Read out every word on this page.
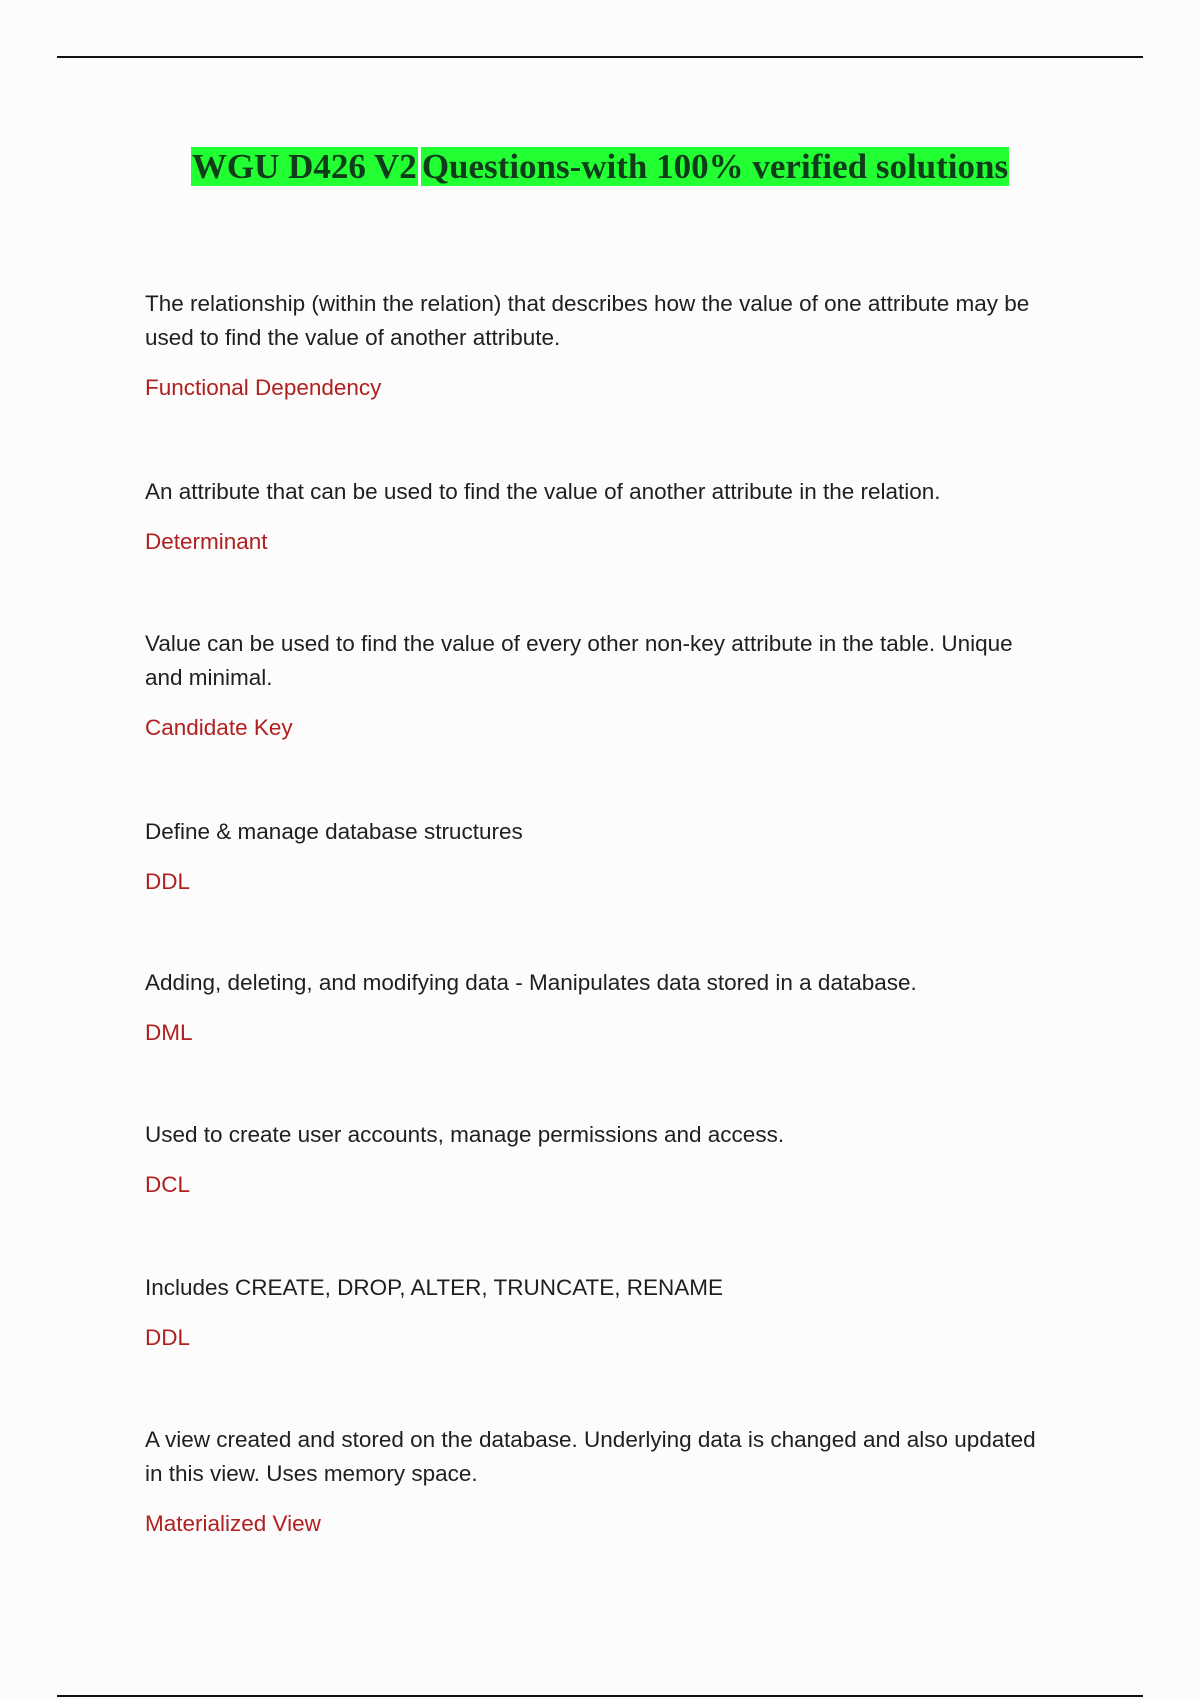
WGU D426 V2 Questions-with 100% verified solutions

The relationship (within the relation) that describes how the value of one attribute may be used to find the value of another attribute.

Functional Dependency

An attribute that can be used to find the value of another attribute in the relation.

Determinant

Value can be used to find the value of every other non-key attribute in the table. Unique and minimal.

Candidate Key

Define & manage database structures

DDL

Adding, deleting, and modifying data - Manipulates data stored in a database.

DML

Used to create user accounts, manage permissions and access.

DCL

Includes CREATE, DROP, ALTER, TRUNCATE, RENAME

DDL

A view created and stored on the database. Underlying data is changed and also updated in this view. Uses memory space.

Materialized View
